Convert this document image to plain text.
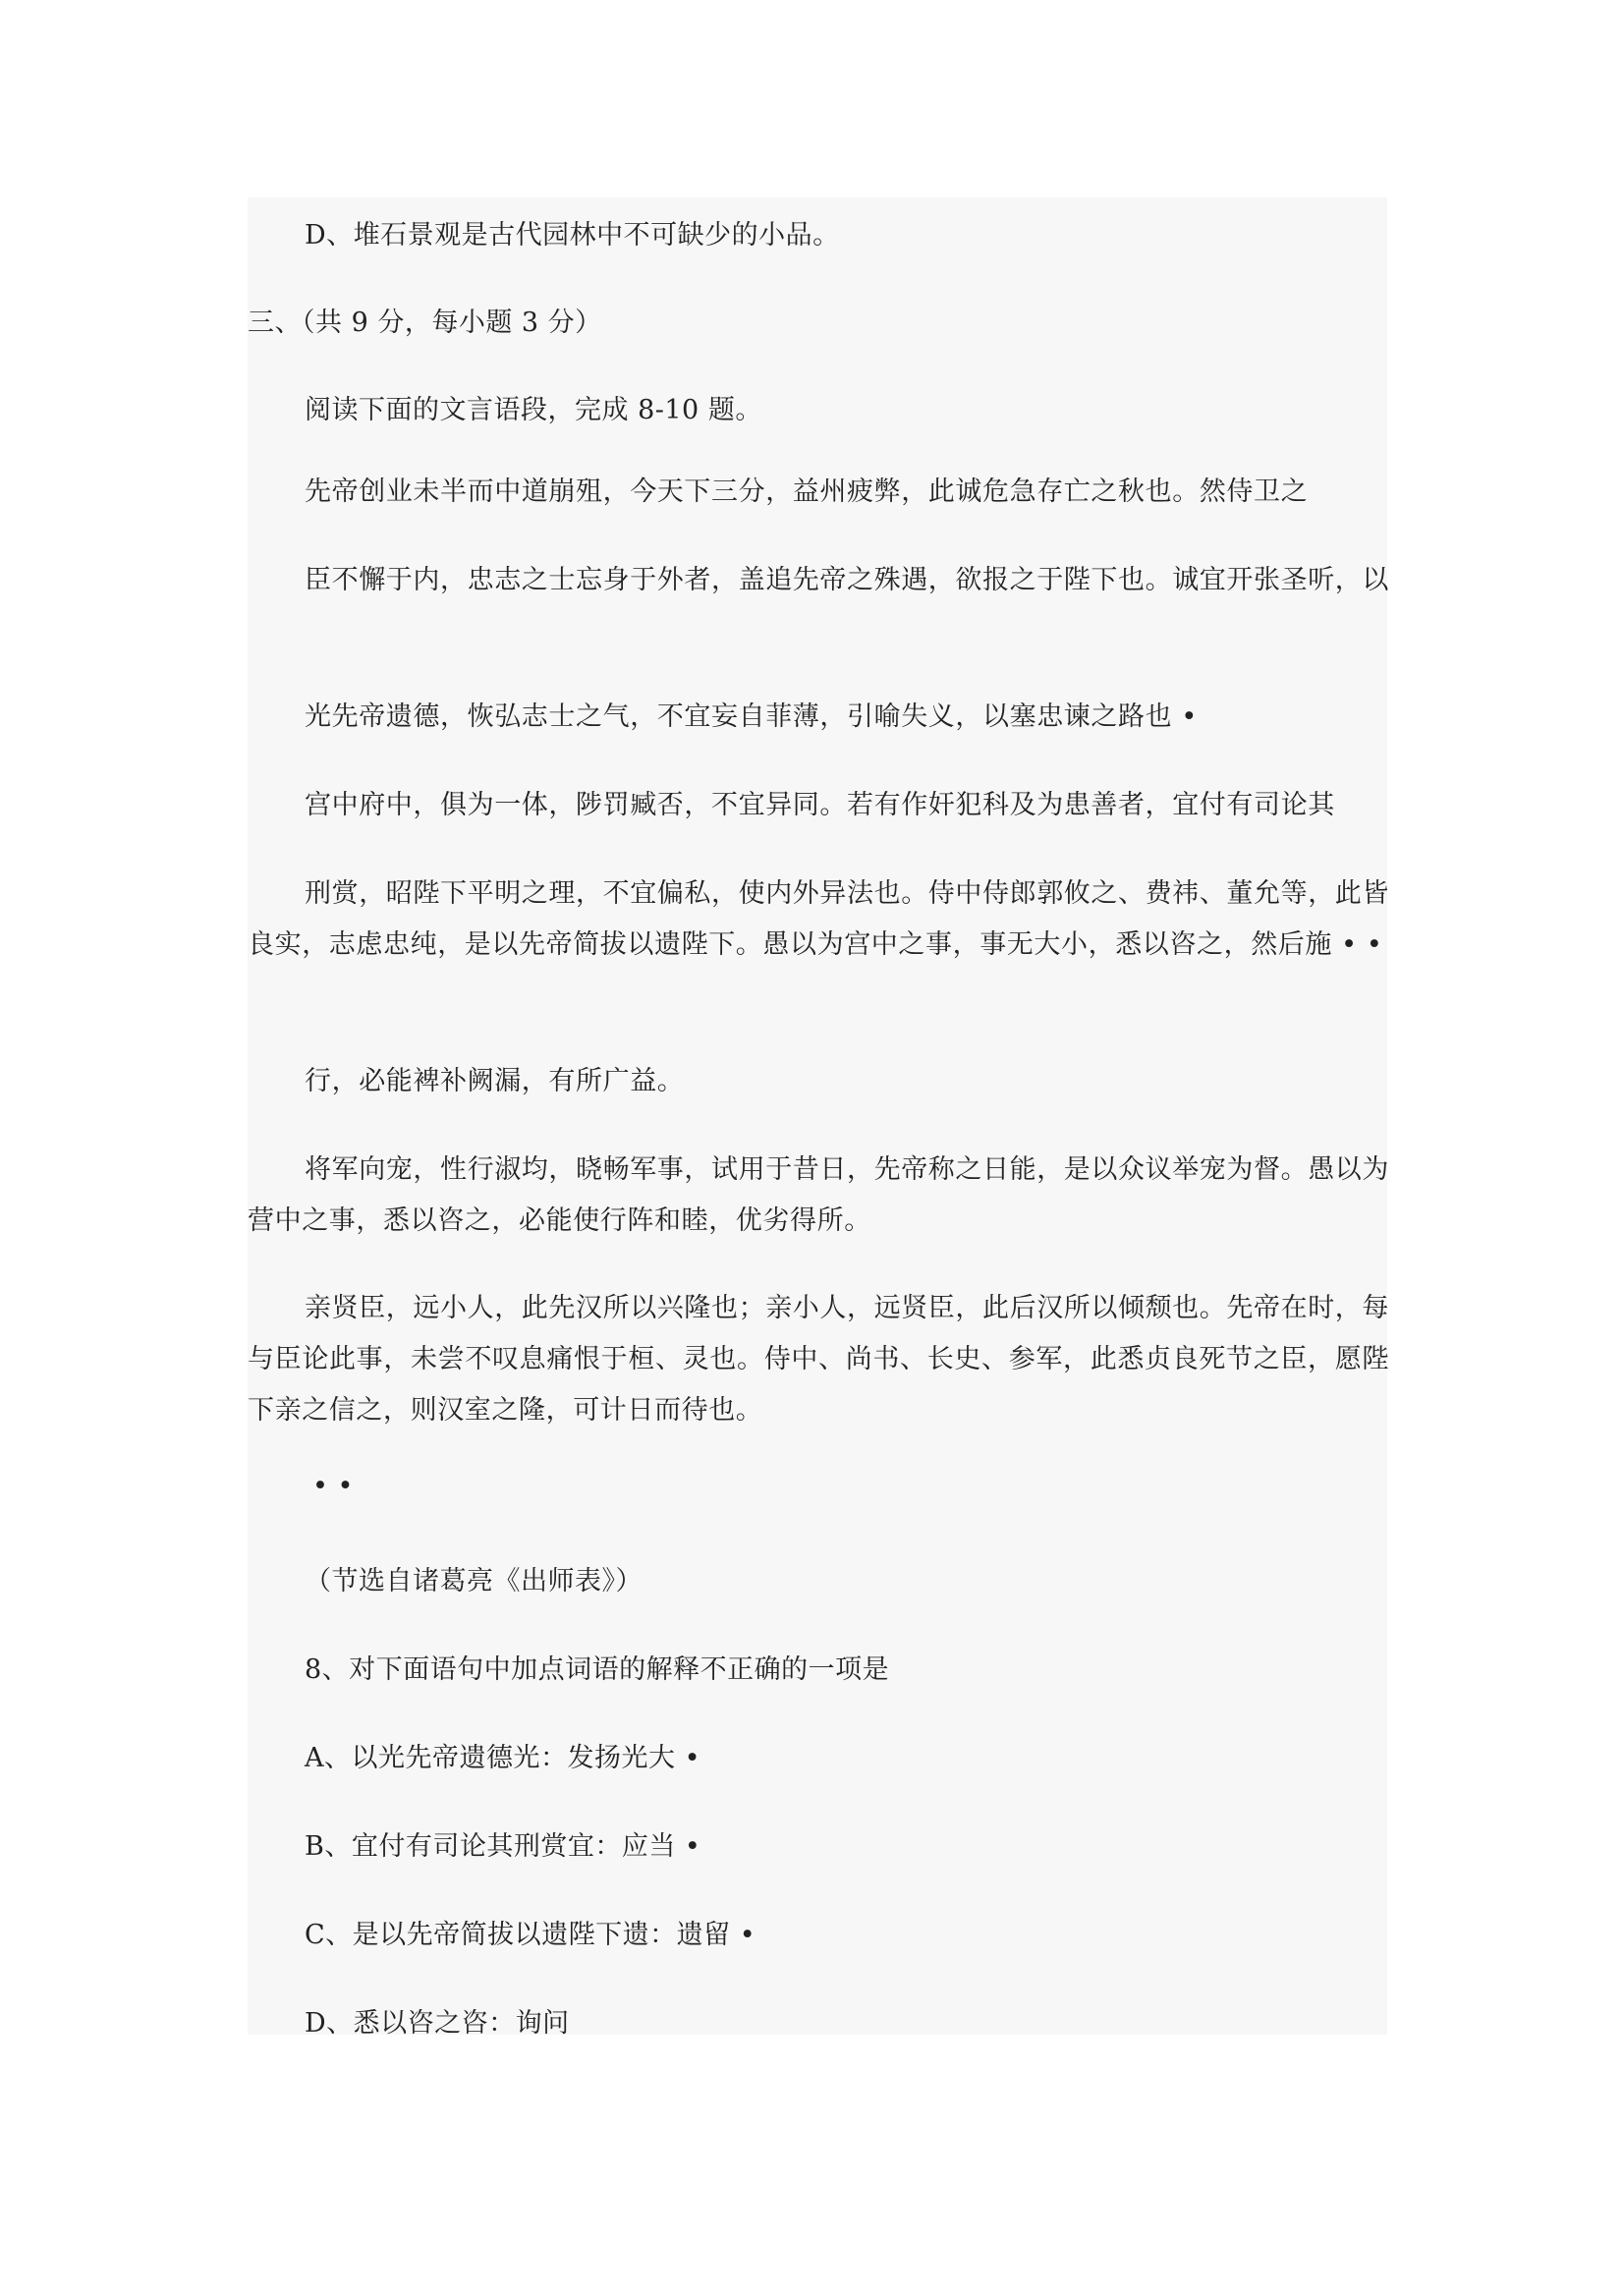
D、堆石景观是古代园林中不可缺少的小品。
三、（共 9 分，每小题 3 分）
阅读下面的文言语段，完成 8-10 题。
先帝创业未半而中道崩殂，今天下三分，益州疲弊，此诚危急存亡之秋也。然侍卫之
臣不懈于内，忠志之士忘身于外者，盖追先帝之殊遇，欲报之于陛下也。诚宜开张圣听，以
光先帝遗德，恢弘志士之气，不宜妄自菲薄，引喻失义，以塞忠谏之路也 •
宫中府中，俱为一体，陟罚臧否，不宜异同。若有作奸犯科及为患善者，宜付有司论其
刑赏，昭陛下平明之理，不宜偏私，使内外异法也。侍中侍郎郭攸之、费祎、董允等，此皆良实，志虑忠纯，是以先帝简拔以遗陛下。愚以为宫中之事，事无大小，悉以咨之，然后施 • •
行，必能裨补阙漏，有所广益。
将军向宠，性行淑均，晓畅军事，试用于昔日，先帝称之日能，是以众议举宠为督。愚以为营中之事，悉以咨之，必能使行阵和睦，优劣得所。
亲贤臣，远小人，此先汉所以兴隆也；亲小人，远贤臣，此后汉所以倾颓也。先帝在时，每与臣论此事，未尝不叹息痛恨于桓、灵也。侍中、尚书、长史、参军，此悉贞良死节之臣，愿陛下亲之信之，则汉室之隆，可计日而待也。
• •
（节选自诸葛亮《出师表》）
8、对下面语句中加点词语的解释不正确的一项是
A、以光先帝遗德光：发扬光大 •
B、宜付有司论其刑赏宜：应当 •
C、是以先帝简拔以遗陛下遗：遗留 •
D、悉以咨之咨：询问
